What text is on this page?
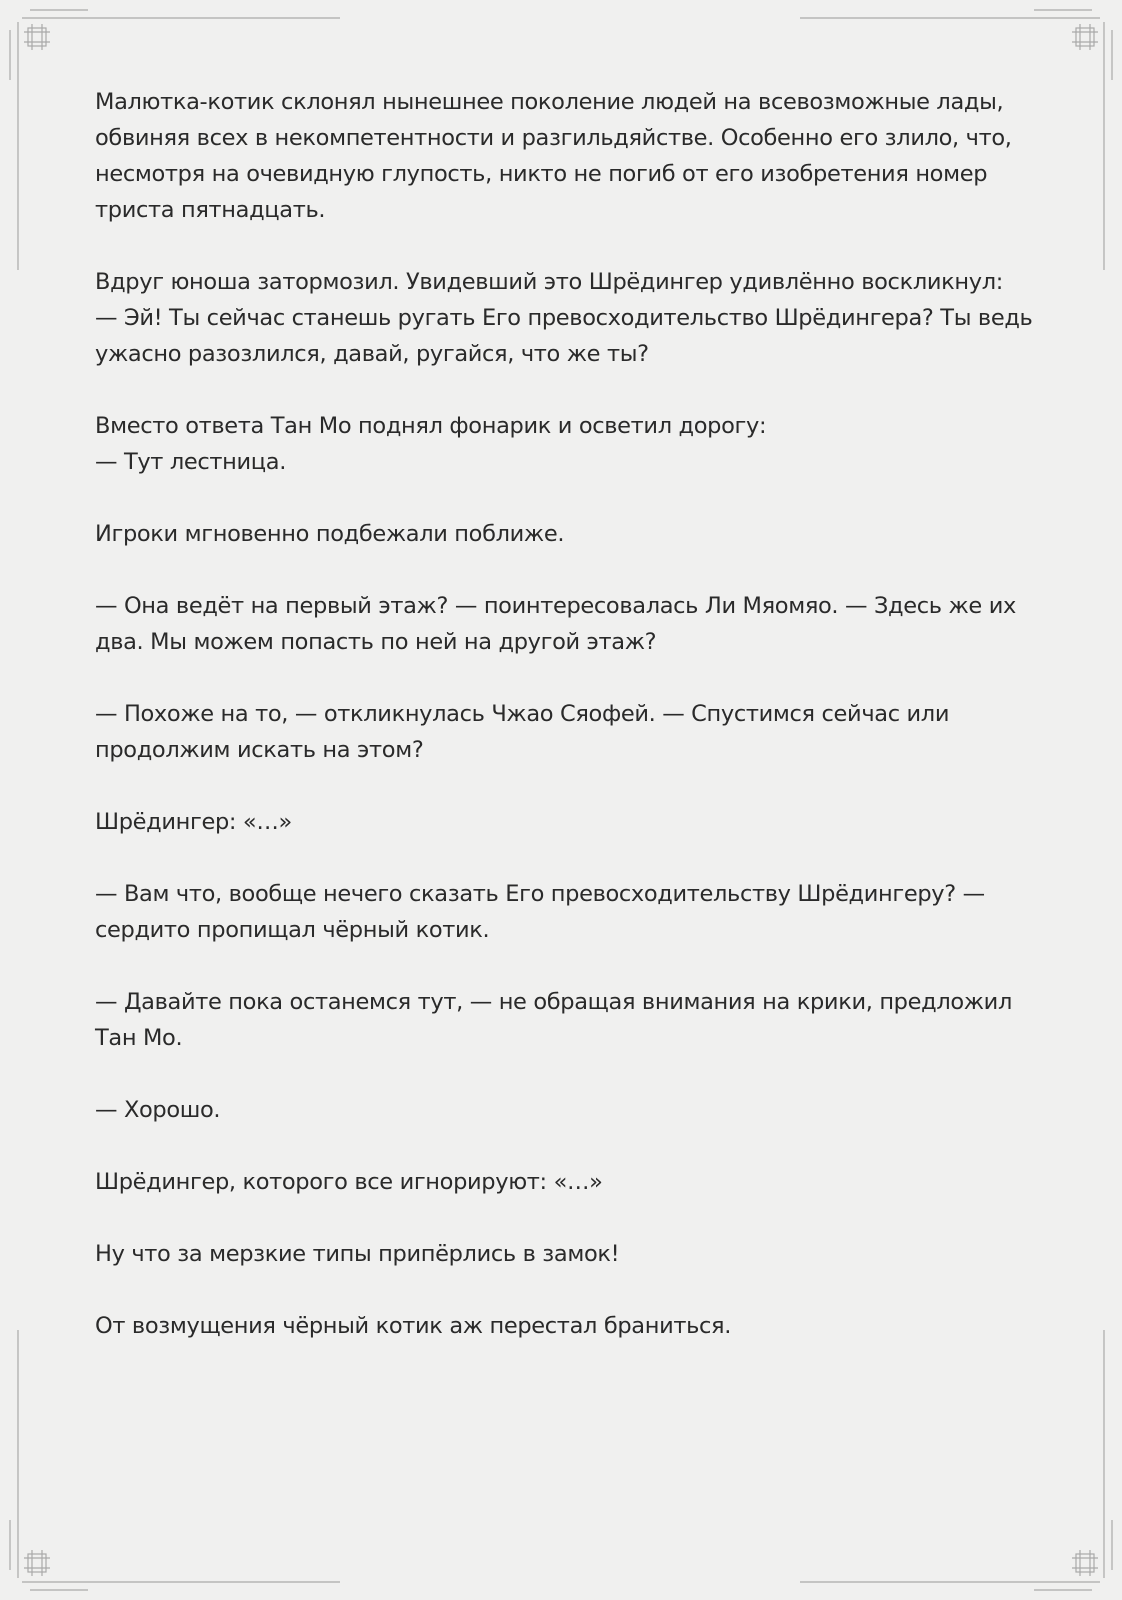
Малютка-котик склонял нынешнее поколение людей на всевозможные лады, обвиняя всех в некомпетентности и разгильдяйстве. Особенно его злило, что, несмотря на очевидную глупость, никто не погиб от его изобретения номер триста пятнадцать.

Вдруг юноша затормозил. Увидевший это Шрёдингер удивлённо воскликнул:
— Эй! Ты сейчас станешь ругать Его превосходительство Шрёдингера? Ты ведь ужасно разозлился, давай, ругайся, что же ты?

Вместо ответа Тан Мо поднял фонарик и осветил дорогу:
— Тут лестница.

Игроки мгновенно подбежали поближе.

— Она ведёт на первый этаж? — поинтересовалась Ли Мяомяо. — Здесь же их два. Мы можем попасть по ней на другой этаж?

— Похоже на то, — откликнулась Чжао Сяофей. — Спустимся сейчас или продолжим искать на этом?

Шрёдингер: «…»

— Вам что, вообще нечего сказать Его превосходительству Шрёдингеру? — сердито пропищал чёрный котик.

— Давайте пока останемся тут, — не обращая внимания на крики, предложил Тан Мо.

— Хорошо.

Шрёдингер, которого все игнорируют: «…»

Ну что за мерзкие типы припёрлись в замок!

От возмущения чёрный котик аж перестал браниться.
